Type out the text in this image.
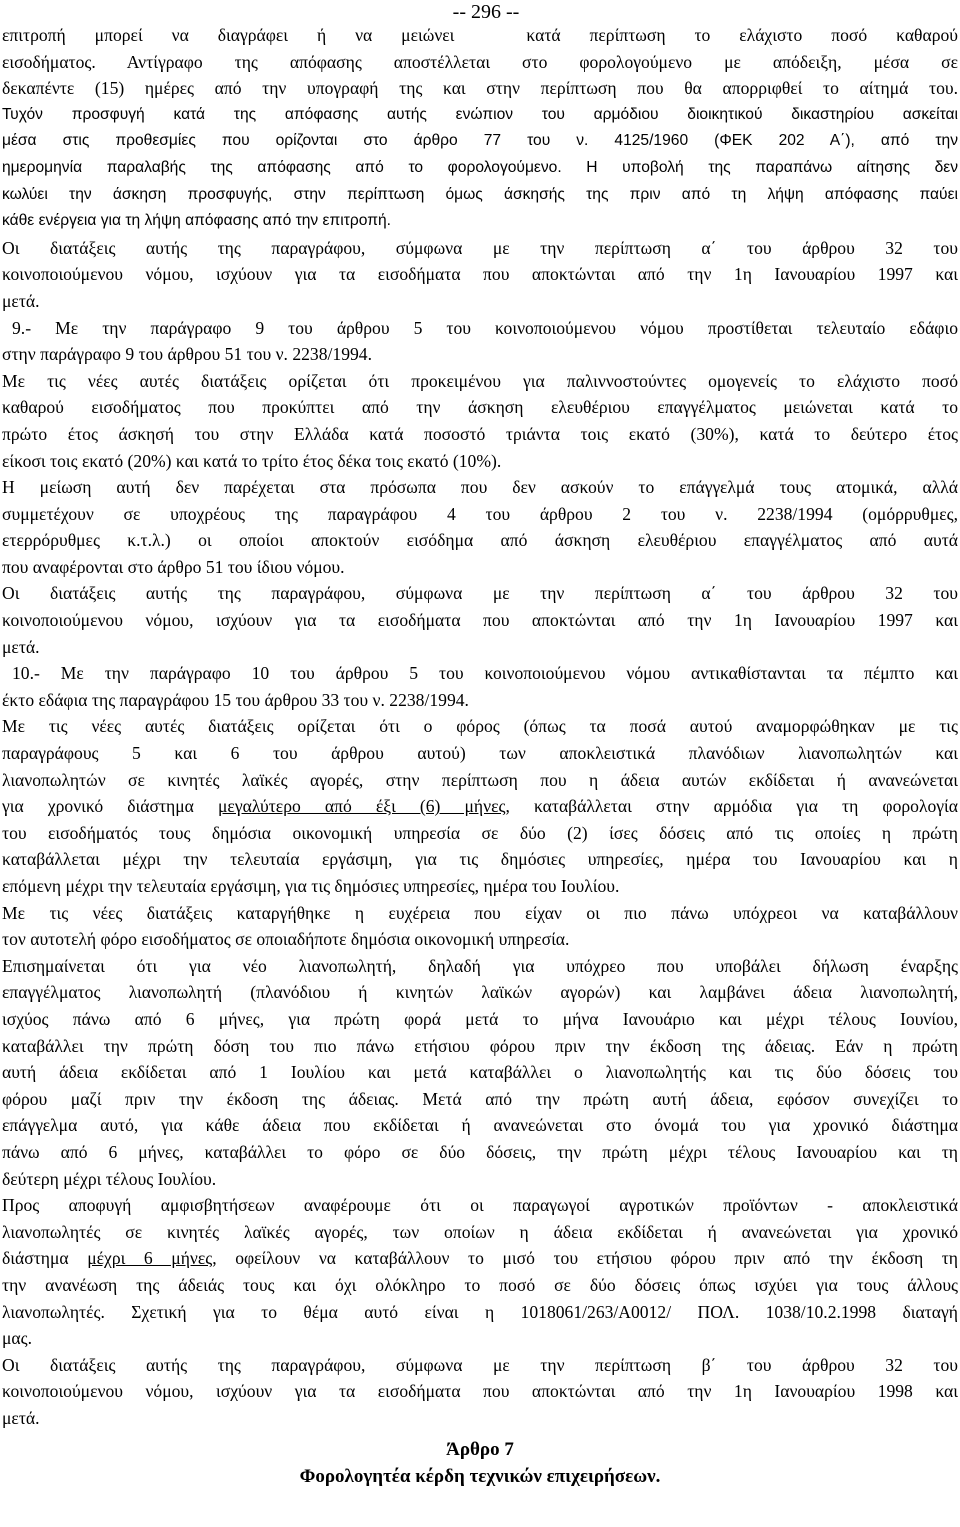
-- 296 --
επιτροπή μπορεί να διαγράφει ή να μειώνει	κατά περίπτωση το ελάχιστο ποσό καθαρού
εισοδήματος. Αντίγραφο της απόφασης αποστέλλεται στο φορολογούμενο με απόδειξη, μέσα σε
δεκαπέντε (15) ημέρες από την υπογραφή της και στην περίπτωση που θα απορριφθεί το αίτημά του.
Τυχόν προσφυγή κατά της απόφασης αυτής ενώπιον του αρμόδιου διοικητικού δικαστηρίου ασκείται
μέσα στις προθεσμίες που ορίζονται στο άρθρο 77 του ν. 4125/1960 (ΦΕΚ 202 Α΄), από την
ημερομηνία παραλαβής της απόφασης από το φορολογούμενο. Η υποβολή της παραπάνω αίτησης δεν
κωλύει την άσκηση προσφυγής, στην περίπτωση όμως άσκησής της πριν από τη λήψη απόφασης παύει
κάθε ενέργεια για τη λήψη απόφασης από την επιτροπή.
Οι διατάξεις αυτής της παραγράφου, σύμφωνα με την περίπτωση α΄ του άρθρου 32 του
κοινοποιούμενου νόμου, ισχύουν για τα εισοδήματα που αποκτώνται από την 1η Ιανουαρίου 1997 και
μετά.
9.- Με την παράγραφο 9 του άρθρου 5 του κοινοποιούμενου νόμου προστίθεται τελευταίο εδάφιο
στην παράγραφο 9 του άρθρου 51 του ν. 2238/1994.
Με τις νέες αυτές διατάξεις ορίζεται ότι προκειμένου για παλιννοστούντες ομογενείς το ελάχιστο ποσό
καθαρού εισοδήματος που προκύπτει από την άσκηση ελευθέριου επαγγέλματος μειώνεται κατά το
πρώτο έτος άσκησή του στην Ελλάδα κατά ποσοστό τριάντα τοις εκατό (30%), κατά το δεύτερο έτος
είκοσι τοις εκατό (20%) και κατά το τρίτο έτος δέκα τοις εκατό (10%).
Η μείωση αυτή δεν παρέχεται στα πρόσωπα που δεν ασκούν το επάγγελμά τους ατομικά, αλλά
συμμετέχουν σε υποχρέους της παραγράφου 4 του άρθρου 2 του ν. 2238/1994 (ομόρρυθμες,
ετερρόρυθμες κ.τ.λ.) οι οποίοι αποκτούν εισόδημα από άσκηση ελευθέριου επαγγέλματος από αυτά
που αναφέρονται στο άρθρο 51 του ίδιου νόμου.
Οι διατάξεις αυτής της παραγράφου, σύμφωνα με την περίπτωση α΄ του άρθρου 32 του
κοινοποιούμενου νόμου, ισχύουν για τα εισοδήματα που αποκτώνται από την 1η Ιανουαρίου 1997 και
μετά.
10.- Με την παράγραφο 10 του άρθρου 5 του κοινοποιούμενου νόμου αντικαθίστανται τα πέμπτο και
έκτο εδάφια της παραγράφου 15 του άρθρου 33 του ν. 2238/1994.
Με τις νέες αυτές διατάξεις ορίζεται ότι ο φόρος (όπως τα ποσά αυτού αναμορφώθηκαν με τις
παραγράφους 5 και 6 του άρθρου αυτού) των αποκλειστικά πλανόδιων λιανοπωλητών και
λιανοπωλητών σε κινητές λαϊκές αγορές, στην περίπτωση που η άδεια αυτών εκδίδεται ή ανανεώνεται
για χρονικό διάστημα μεγαλύτερο από έξι (6) μήνες, καταβάλλεται στην αρμόδια για τη φορολογία
του εισοδήματός τους δημόσια οικονομική υπηρεσία σε δύο (2) ίσες δόσεις από τις οποίες η πρώτη
καταβάλλεται μέχρι την τελευταία εργάσιμη, για τις δημόσιες υπηρεσίες, ημέρα του Ιανουαρίου και η
επόμενη μέχρι την τελευταία εργάσιμη, για τις δημόσιες υπηρεσίες, ημέρα του Ιουλίου.
Με τις νέες διατάξεις καταργήθηκε η ευχέρεια που είχαν οι πιο πάνω υπόχρεοι να καταβάλλουν
τον αυτοτελή φόρο εισοδήματος σε οποιαδήποτε δημόσια οικονομική υπηρεσία.
Επισημαίνεται ότι για νέο λιανοπωλητή, δηλαδή για υπόχρεο που υποβάλει δήλωση έναρξης
επαγγέλματος λιανοπωλητή (πλανόδιου ή κινητών λαϊκών αγορών) και λαμβάνει άδεια λιανοπωλητή,
ισχύος πάνω από 6 μήνες, για πρώτη φορά μετά το μήνα Ιανουάριο και μέχρι τέλους Ιουνίου,
καταβάλλει την πρώτη δόση του πιο πάνω ετήσιου φόρου πριν την έκδοση της άδειας. Εάν η πρώτη
αυτή άδεια εκδίδεται από 1 Ιουλίου και μετά καταβάλλει ο λιανοπωλητής και τις δύο δόσεις του
φόρου μαζί πριν την έκδοση της άδειας. Μετά από την πρώτη αυτή άδεια, εφόσον συνεχίζει το
επάγγελμα αυτό, για κάθε άδεια που εκδίδεται ή ανανεώνεται στο όνομά του για χρονικό διάστημα
πάνω από 6 μήνες, καταβάλλει το φόρο σε δύο δόσεις, την πρώτη μέχρι τέλους Ιανουαρίου και τη
δεύτερη μέχρι τέλους Ιουλίου.
Προς αποφυγή αμφισβητήσεων αναφέρουμε ότι οι παραγωγοί αγροτικών προϊόντων - αποκλειστικά
λιανοπωλητές σε κινητές λαϊκές αγορές, των οποίων η άδεια εκδίδεται ή ανανεώνεται για χρονικό
διάστημα μέχρι 6 μήνες, οφείλουν να καταβάλλουν το μισό του ετήσιου φόρου πριν από την έκδοση τη
την ανανέωση της άδειάς τους και όχι ολόκληρο το ποσό σε δύο δόσεις όπως ισχύει για τους άλλους
λιανοπωλητές. Σχετική για το θέμα αυτό είναι η 1018061/263/Α0012/ ΠΟΛ. 1038/10.2.1998 διαταγή
μας.
Οι διατάξεις αυτής της παραγράφου, σύμφωνα με την περίπτωση β΄ του άρθρου 32 του
κοινοποιούμενου νόμου, ισχύουν για τα εισοδήματα που αποκτώνται από την 1η Ιανουαρίου 1998 και
μετά.
Άρθρο 7
Φορολογητέα κέρδη τεχνικών επιχειρήσεων.
